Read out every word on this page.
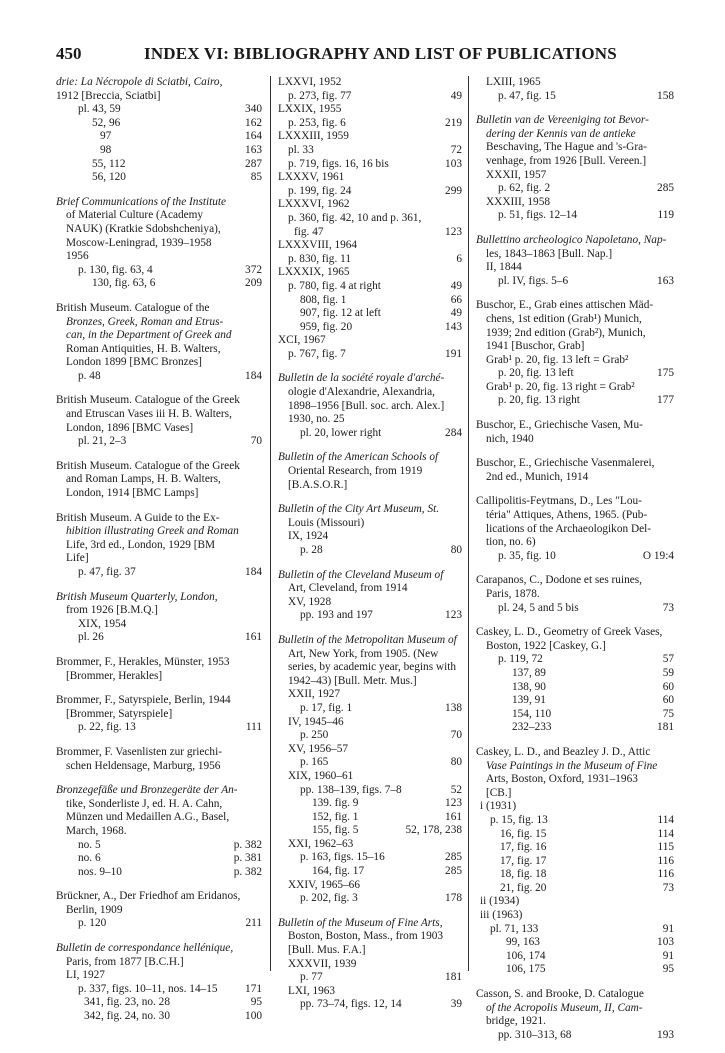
450	INDEX VI: BIBLIOGRAPHY AND LIST OF PUBLICATIONS
drie: La Nécropole di Sciatbi, Cairo,
1912 [Breccia, Sciatbi]
pl. 43, 59	340
52, 96	162
97	164
98	163
55, 112	287
56, 120	85
Brief Communications of the Institute
of Material Culture (Academy
NAUK) (Kratkie Sdobshcheniya),
Moscow-Leningrad, 1939–1958
1956
p. 130, fig. 63, 4	372
130, fig. 63, 6	209
British Museum. Catalogue of the
Bronzes, Greek, Roman and Etrus-
can, in the Department of Greek and
Roman Antiquities, H. B. Walters,
London 1899 [BMC Bronzes]
p. 48	184
British Museum. Catalogue of the Greek
and Etruscan Vases iii H. B. Walters,
London, 1896 [BMC Vases]
pl. 21, 2–3	70
British Museum. Catalogue of the Greek
and Roman Lamps, H. B. Walters,
London, 1914 [BMC Lamps]
British Museum. A Guide to the Ex-
hibition illustrating Greek and Roman
Life, 3rd ed., London, 1929 [BM
Life]
p. 47, fig. 37	184
British Museum Quarterly, London,
from 1926 [B.M.Q.]
XIX, 1954
pl. 26	161
Brommer, F., Herakles, Münster, 1953
[Brommer, Herakles]
Brommer, F., Satyrspiele, Berlin, 1944
[Brommer, Satyrspiele]
p. 22, fig. 13	111
Brommer, F. Vasenlisten zur griechi-
schen Heldensage, Marburg, 1956
Bronzegefäße und Bronzegeräte der An-
tike, Sonderliste J, ed. H. A. Cahn,
Münzen und Medaillen A.G., Basel,
March, 1968.
no. 5	p. 382
no. 6	p. 381
nos. 9–10	p. 382
Brückner, A., Der Friedhof am Eridanos,
Berlin, 1909
p. 120	211
Bulletin de correspondance hellénique,
Paris, from 1877 [B.C.H.]
LI, 1927
p. 337, figs. 10–11, nos. 14–15 171
341, fig. 23, no. 28	95
342, fig. 24, no. 30	100
LXXVI, 1952
p. 273, fig. 77	49
LXXIX, 1955
p. 253, fig. 6	219
LXXXIII, 1959
pl. 33	72
p. 719, figs. 16, 16 bis	103
LXXXV, 1961
p. 199, fig. 24	299
LXXXVI, 1962
p. 360, fig. 42, 10 and p. 361,
fig. 47	123
LXXXVIII, 1964
p. 830, fig. 11	6
LXXXIX, 1965
p. 780, fig. 4 at right	49
808, fig. 1	66
907, fig. 12 at left	49
959, fig. 20	143
XCI, 1967
p. 767, fig. 7	191
Bulletin de la société royale d'arché-
ologie d'Alexandrie, Alexandria,
1898–1956 [Bull. soc. arch. Alex.]
1930, no. 25
pl. 20, lower right	284
Bulletin of the American Schools of
Oriental Research, from 1919
[B.A.S.O.R.]
Bulletin of the City Art Museum, St.
Louis (Missouri)
IX, 1924
p. 28	80
Bulletin of the Cleveland Museum of
Art, Cleveland, from 1914
XV, 1928
pp. 193 and 197	123
Bulletin of the Metropolitan Museum of
Art, New York, from 1905. (New
series, by academic year, begins with
1942–43) [Bull. Metr. Mus.]
XXII, 1927
p. 17, fig. 1	138
IV, 1945–46
p. 250	70
XV, 1956–57
p. 165	80
XIX, 1960–61
pp. 138–139, figs. 7–8	52
139. fig. 9	123
152, fig. 1	161
155, fig. 5	52, 178, 238
XXI, 1962–63
p. 163, figs. 15–16	285
164, fig. 17	285
XXIV, 1965–66
p. 202, fig. 3	178
Bulletin of the Museum of Fine Arts,
Boston, Boston, Mass., from 1903
[Bull. Mus. F.A.]
XXXVII, 1939
p. 77	181
LXI, 1963
pp. 73–74, figs. 12, 14	39
LXIII, 1965
p. 47, fig. 15	158
Bulletin van de Vereeniging tot Bevor-
dering der Kennis van de antieke
Beschaving, The Hague and 's-Gra-
venhage, from 1926 [Bull. Vereen.]
XXXII, 1957
p. 62, fig. 2	285
XXXIII, 1958
p. 51, figs. 12–14	119
Bullettino archeologico Napoletano, Nap-
les, 1843–1863 [Bull. Nap.]
II, 1844
pl. IV, figs. 5–6	163
Buschor, E., Grab eines attischen Mäd-
chens, 1st edition (Grab¹) Munich,
1939; 2nd edition (Grab²), Munich,
1941 [Buschor, Grab]
Grab¹ p. 20, fig. 13 left = Grab²
p. 20, fig. 13 left	175
Grab¹ p. 20, fig. 13 right = Grab²
p. 20, fig. 13 right	177
Buschor, E., Griechische Vasen, Mu-
nich, 1940
Buschor, E., Griechische Vasenmalerei,
2nd ed., Munich, 1914
Callipolitis-Feytmans, D., Les "Lou-
téria" Attiques, Athens, 1965. (Pub-
lications of the Archaeologikon Del-
tion, no. 6)
p. 35, fig. 10	O 19:4
Carapanos, C., Dodone et ses ruines,
Paris, 1878.
pl. 24, 5 and 5 bis	73
Caskey, L. D., Geometry of Greek Vases,
Boston, 1922 [Caskey, G.]
p. 119, 72	57
137, 89	59
138, 90	60
139, 91	60
154, 110	75
232–233	181
Caskey, L. D., and Beazley J. D., Attic
Vase Paintings in the Museum of Fine
Arts, Boston, Oxford, 1931–1963
[CB.]
i (1931)
p. 15, fig. 13	114
16, fig. 15	114
17, fig. 16	115
17, fig. 17	116
18, fig. 18	116
21, fig. 20	73
ii (1934)
iii (1963)
pl. 71, 133	91
99, 163	103
106, 174	91
106, 175	95
Casson, S. and Brooke, D. Catalogue
of the Acropolis Museum, II, Cam-
bridge, 1921.
pp. 310–313, 68	193
